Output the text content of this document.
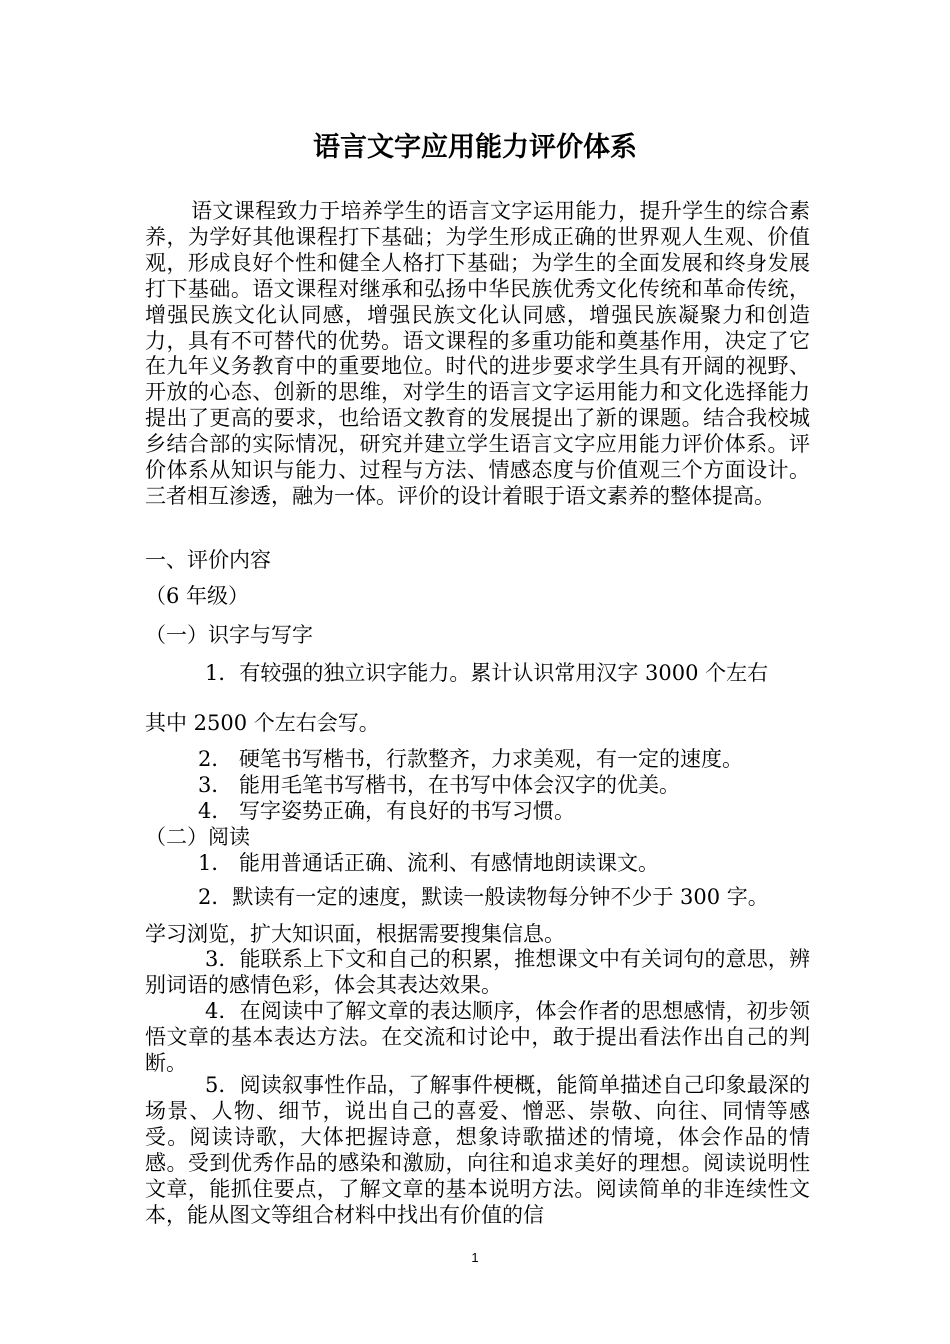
语言文字应用能力评价体系

语文课程致力于培养学生的语言文字运用能力，提升学生的综合素养，为学好其他课程打下基础；为学生形成正确的世界观人生观、价值观，形成良好个性和健全人格打下基础；为学生的全面发展和终身发展打下基础。语文课程对继承和弘扬中华民族优秀文化传统和革命传统，增强民族文化认同感，增强民族文化认同感，增强民族凝聚力和创造力，具有不可替代的优势。语文课程的多重功能和奠基作用，决定了它在九年义务教育中的重要地位。时代的进步要求学生具有开阔的视野、开放的心态、创新的思维，对学生的语言文字运用能力和文化选择能力提出了更高的要求，也给语文教育的发展提出了新的课题。结合我校城乡结合部的实际情况，研究并建立学生语言文字应用能力评价体系。评价体系从知识与能力、过程与方法、情感态度与价值观三个方面设计。三者相互渗透，融为一体。评价的设计着眼于语文素养的整体提高。

一、评价内容

（6 年级）

（一）识字与写字

1．有较强的独立识字能力。累计认识常用汉字 3000 个左右

其中 2500 个左右会写。

2． 硬笔书写楷书，行款整齐，力求美观，有一定的速度。

3． 能用毛笔书写楷书，在书写中体会汉字的优美。

4． 写字姿势正确，有良好的书写习惯。

（二）阅读

1． 能用普通话正确、流利、有感情地朗读课文。

2．默读有一定的速度，默读一般读物每分钟不少于 300 字。

学习浏览，扩大知识面，根据需要搜集信息。

3．能联系上下文和自己的积累，推想课文中有关词句的意思，辨别词语的感情色彩，体会其表达效果。

4．在阅读中了解文章的表达顺序，体会作者的思想感情，初步领悟文章的基本表达方法。在交流和讨论中，敢于提出看法作出自己的判断。

5．阅读叙事性作品，了解事件梗概，能简单描述自己印象最深的场景、人物、细节，说出自己的喜爱、憎恶、崇敬、向往、同情等感受。阅读诗歌，大体把握诗意，想象诗歌描述的情境，体会作品的情感。受到优秀作品的感染和激励，向往和追求美好的理想。阅读说明性文章，能抓住要点，了解文章的基本说明方法。阅读简单的非连续性文本，能从图文等组合材料中找出有价值的信

1
